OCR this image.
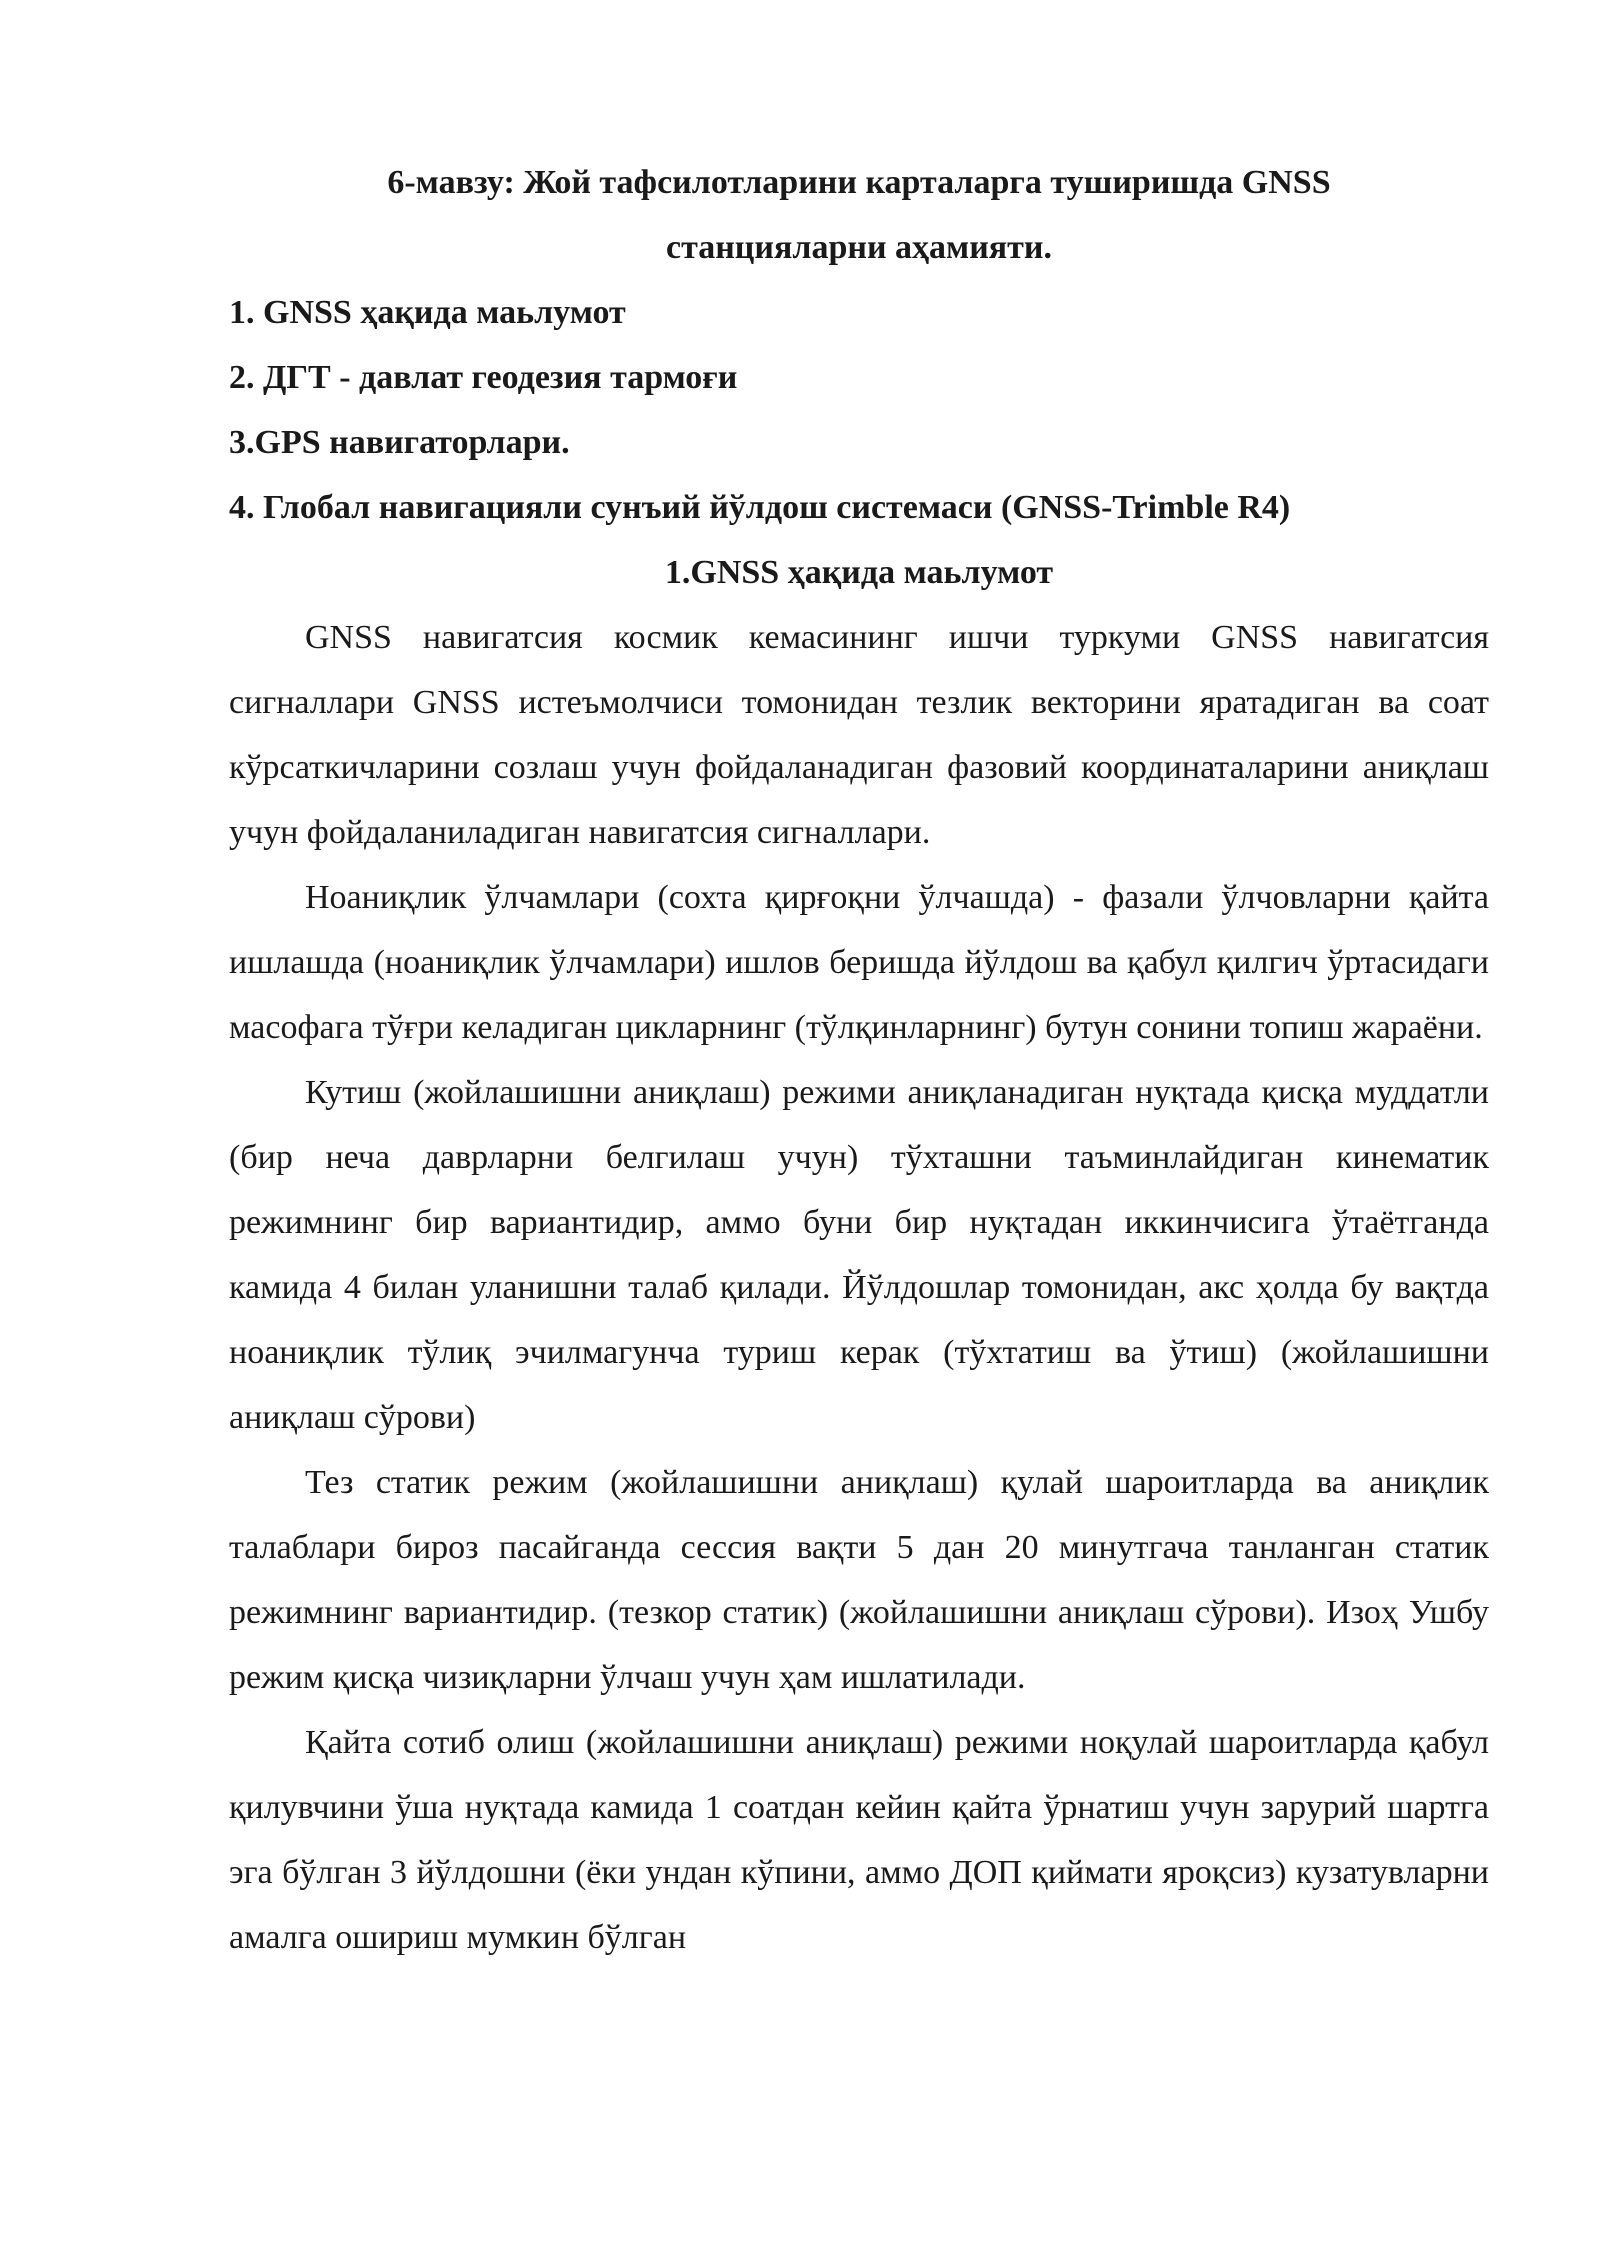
6-мавзу: Жой тафсилотларини карталарга туширишда GNSS станцияларни аҳамияти.

1. GNSS ҳақида маьлумот
2. ДГТ - давлат геодезия тармоғи
3.GPS навигаторлари.
4. Глобал навигацияли сунъий йўлдош системаси (GNSS-Trimble R4)

1.GNSS ҳақида маьлумот

GNSS навигатсия космик кемасининг ишчи туркуми GNSS навигатсия сигналлари GNSS истеъмолчиси томонидан тезлик векторини яратадиган ва соат кўрсаткичларини созлаш учун фойдаланадиган фазовий координаталарини аниқлаш учун фойдаланиладиган навигатсия сигналлари.

Ноаниқлик ўлчамлари (сохта қирғоқни ўлчашда) - фазали ўлчовларни қайта ишлашда (ноаниқлик ўлчамлари) ишлов беришда йўлдош ва қабул қилгич ўртасидаги масофага тўғри келадиган цикларнинг (тўлқинларнинг) бутун сонини топиш жараёни.

Кутиш (жойлашишни аниқлаш) режими аниқланадиган нуқтада қисқа муддатли (бир неча даврларни белгилаш учун) тўхташни таъминлайдиган кинематик режимнинг бир вариантидир, аммо буни бир нуқтадан иккинчисига ўтаётганда камида 4 билан уланишни талаб қилади. Йўлдошлар томонидан, акс ҳолда бу вақтда ноаниқлик тўлиқ эчилмагунча туриш керак (тўхтатиш ва ўтиш) (жойлашишни аниқлаш сўрови)

Тез статик режим (жойлашишни аниқлаш) қулай шароитларда ва аниқлик талаблари бироз пасайганда сессия вақти 5 дан 20 минутгача танланган статик режимнинг вариантидир. (тезкор статик) (жойлашишни аниқлаш сўрови). Изоҳ Ушбу режим қисқа чизиқларни ўлчаш учун ҳам ишлатилади.

Қайта сотиб олиш (жойлашишни аниқлаш) режими ноқулай шароитларда қабул қилувчини ўша нуқтада камида 1 соатдан кейин қайта ўрнатиш учун зарурий шартга эга бўлган 3 йўлдошни (ёки ундан кўпини, аммо ДОП қиймати яроқсиз) кузатувларни амалга ошириш мумкин бўлган
